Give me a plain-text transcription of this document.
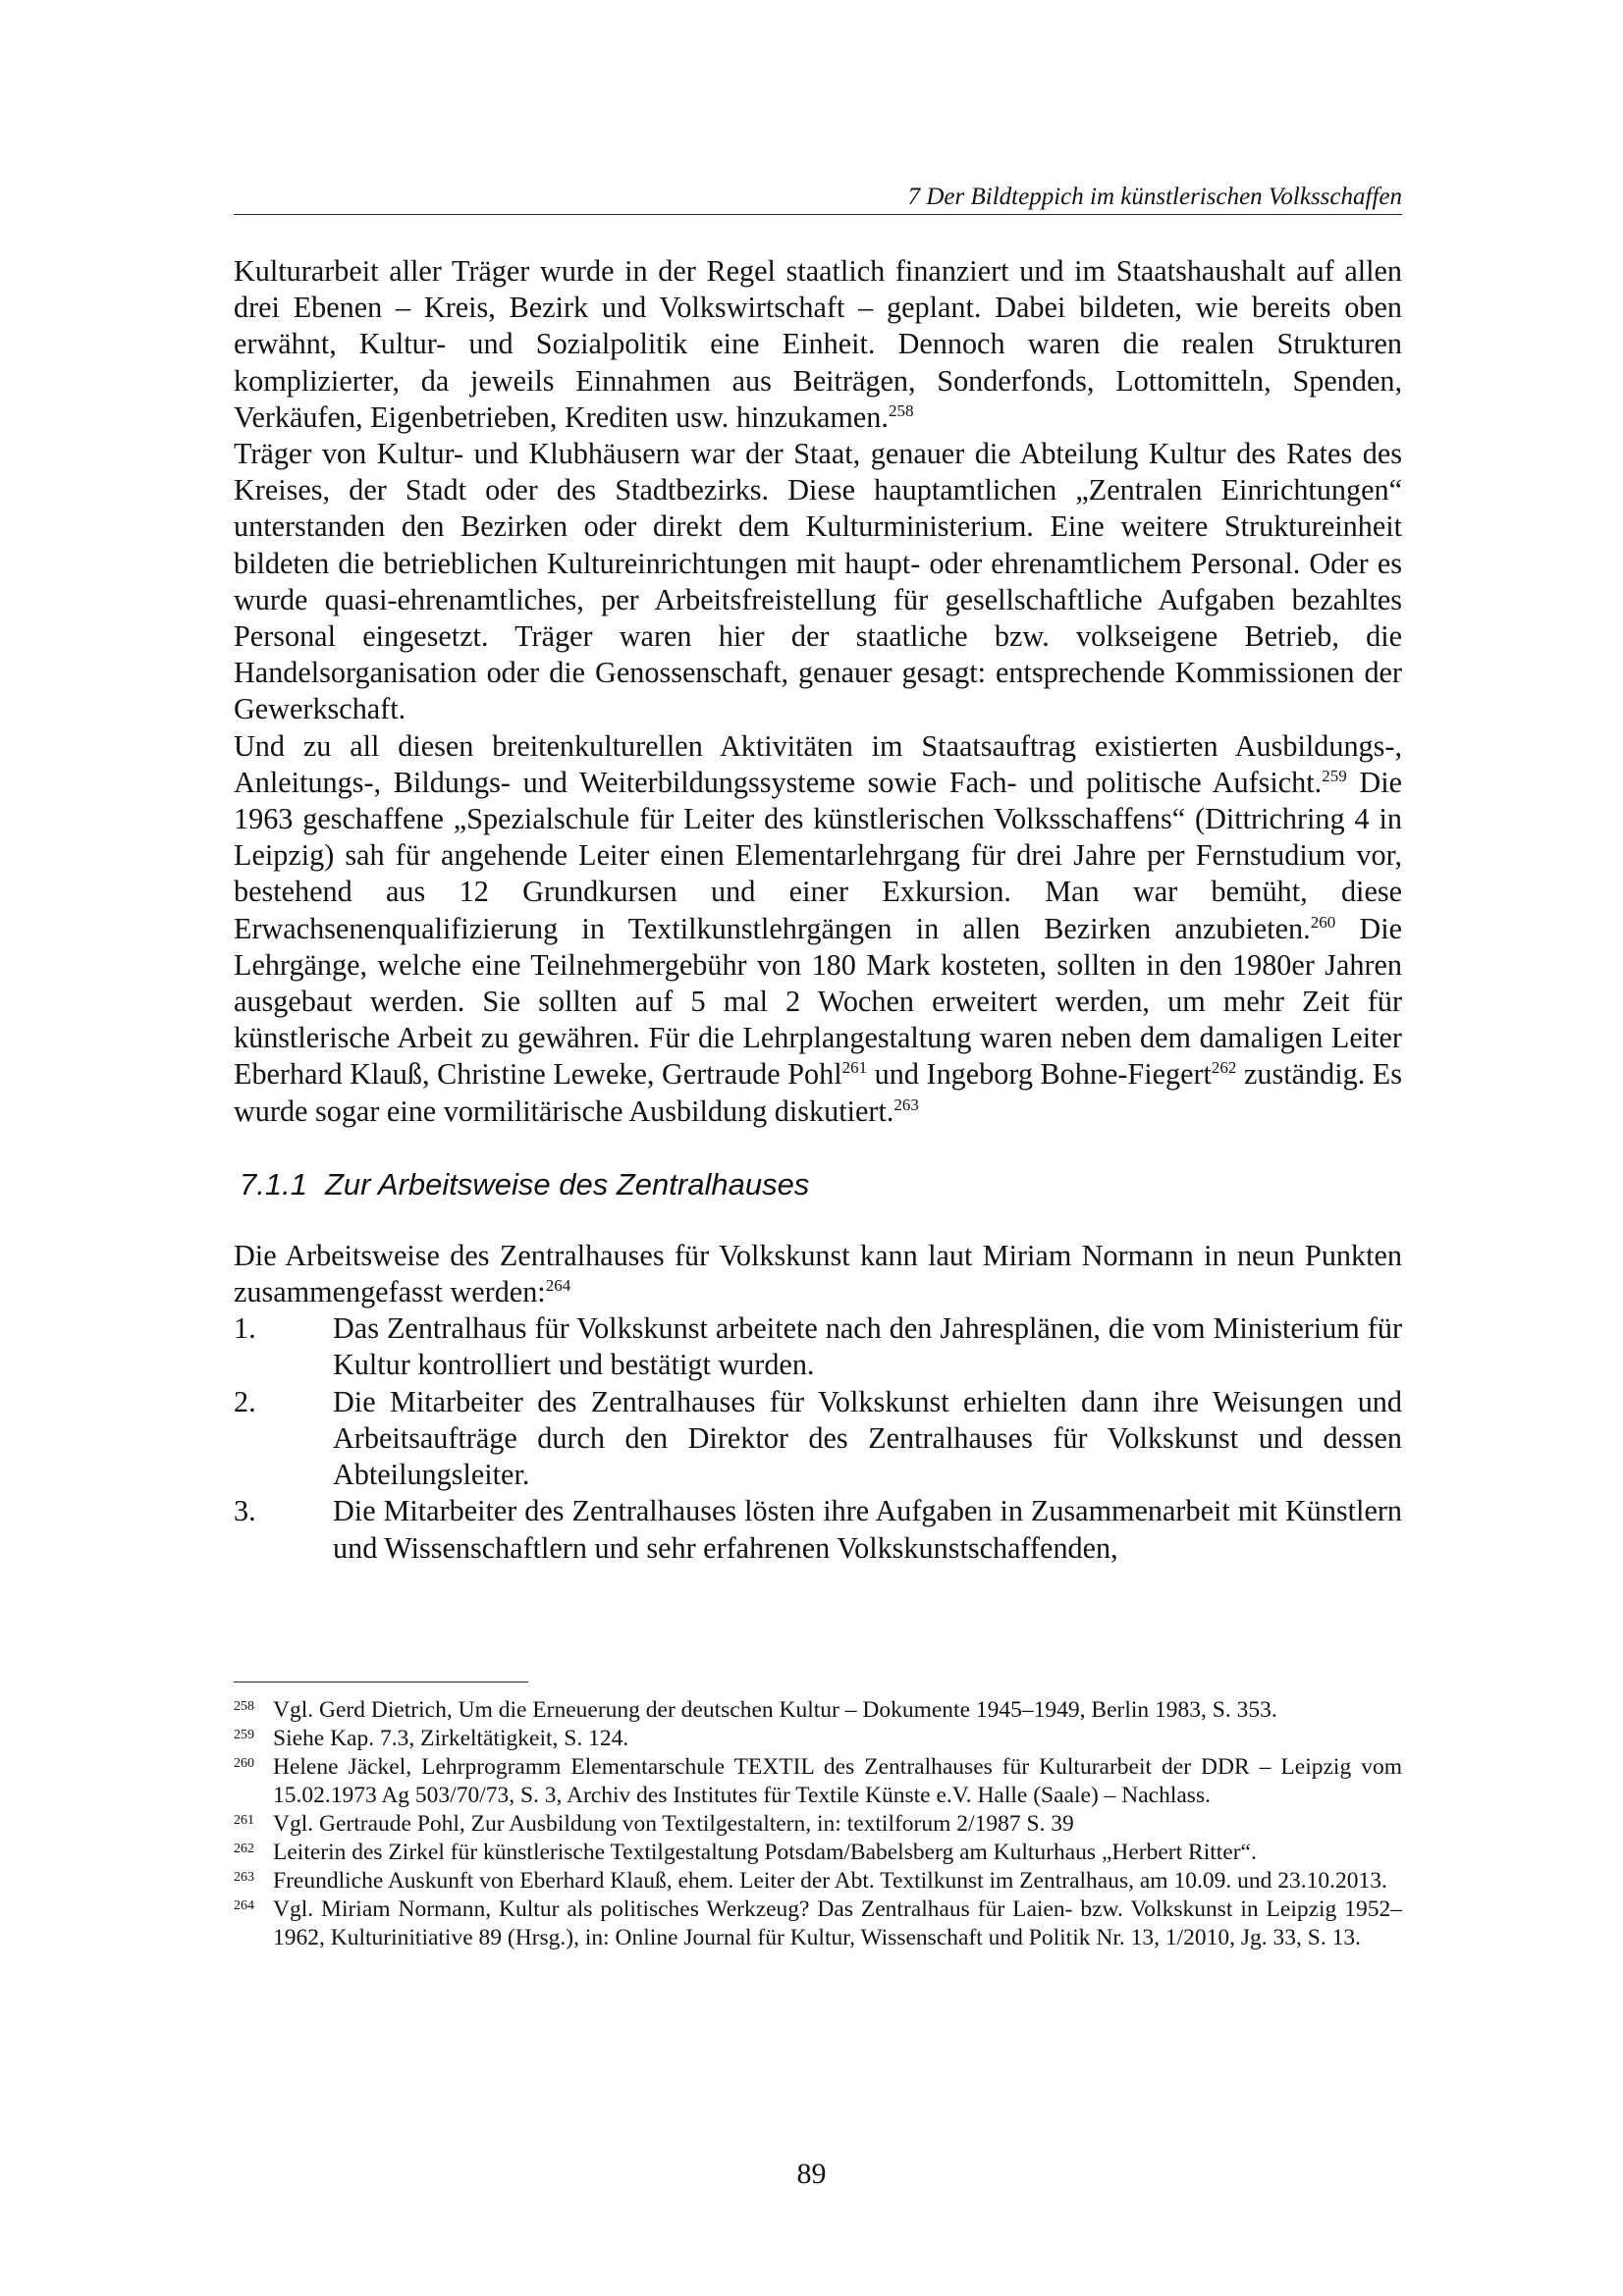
7 Der Bildteppich im künstlerischen Volksschaffen

Kulturarbeit aller Träger wurde in der Regel staatlich finanziert und im Staatshaushalt auf allen drei Ebenen – Kreis, Bezirk und Volkswirtschaft – geplant. Dabei bildeten, wie bereits oben erwähnt, Kultur- und Sozialpolitik eine Einheit. Dennoch waren die realen Strukturen komplizierter, da jeweils Einnahmen aus Beiträgen, Sonderfonds, Lottomitteln, Spenden, Verkäufen, Eigenbetrieben, Krediten usw. hinzukamen.$^{258}$

Träger von Kultur- und Klubhäusern war der Staat, genauer die Abteilung Kultur des Rates des Kreises, der Stadt oder des Stadtbezirks. Diese hauptamtlichen „Zentralen Einrichtungen“ unterstanden den Bezirken oder direkt dem Kulturministerium. Eine weitere Struktureinheit bildeten die betrieblichen Kultureinrichtungen mit haupt- oder ehrenamtlichem Personal. Oder es wurde quasi-ehrenamtliches, per Arbeitsfreistellung für gesellschaftliche Aufgaben bezahltes Personal eingesetzt. Träger waren hier der staatliche bzw. volkseigene Betrieb, die Handelsorganisation oder die Genossenschaft, genauer gesagt: entsprechende Kommissionen der Gewerkschaft.

Und zu all diesen breitenkulturellen Aktivitäten im Staatsauftrag existierten Ausbildungs-, Anleitungs-, Bildungs- und Weiterbildungssysteme sowie Fach- und politische Aufsicht.$^{259}$ Die 1963 geschaffene „Spezialschule für Leiter des künstlerischen Volksschaffens“ (Dittrichring 4 in Leipzig) sah für angehende Leiter einen Elementarlehrgang für drei Jahre per Fernstudium vor, bestehend aus 12 Grundkursen und einer Exkursion. Man war bemüht, diese Erwachsenenqualifizierung in Textilkunstlehrgängen in allen Bezirken anzubieten.$^{260}$ Die Lehrgänge, welche eine Teilnehmergebühr von 180 Mark kosteten, sollten in den 1980er Jahren ausgebaut werden. Sie sollten auf 5 mal 2 Wochen erweitert werden, um mehr Zeit für künstlerische Arbeit zu gewähren. Für die Lehrplangestaltung waren neben dem damaligen Leiter Eberhard Klauß, Christine Leweke, Gertraude Pohl$^{261}$ und Ingeborg Bohne-Fiegert$^{262}$ zuständig. Es wurde sogar eine vormilitärische Ausbildung diskutiert.$^{263}$

7.1.1 Zur Arbeitsweise des Zentralhauses

Die Arbeitsweise des Zentralhauses für Volkskunst kann laut Miriam Normann in neun Punkten zusammengefasst werden:$^{264}$

1.	Das Zentralhaus für Volkskunst arbeitete nach den Jahresplänen, die vom Ministerium für Kultur kontrolliert und bestätigt wurden.
2.	Die Mitarbeiter des Zentralhauses für Volkskunst erhielten dann ihre Weisungen und Arbeitsaufträge durch den Direktor des Zentralhauses für Volkskunst und dessen Abteilungsleiter.
3.	Die Mitarbeiter des Zentralhauses lösten ihre Aufgaben in Zusammenarbeit mit Künstlern und Wissenschaftlern und sehr erfahrenen Volkskunstschaffenden,
258 Vgl. Gerd Dietrich, Um die Erneuerung der deutschen Kultur – Dokumente 1945–1949, Berlin 1983, S. 353.
259 Siehe Kap. 7.3, Zirkeltätigkeit, S. 124.
260 Helene Jäckel, Lehrprogramm Elementarschule TEXTIL des Zentralhauses für Kulturarbeit der DDR – Leipzig vom 15.02.1973 Ag 503/70/73, S. 3, Archiv des Institutes für Textile Künste e.V. Halle (Saale) – Nachlass.
261 Vgl. Gertraude Pohl, Zur Ausbildung von Textilgestaltern, in: textilforum 2/1987 S. 39
262 Leiterin des Zirkel für künstlerische Textilgestaltung Potsdam/Babelsberg am Kulturhaus „Herbert Ritter“.
263 Freundliche Auskunft von Eberhard Klauß, ehem. Leiter der Abt. Textilkunst im Zentralhaus, am 10.09. und 23.10.2013.
264 Vgl. Miriam Normann, Kultur als politisches Werkzeug? Das Zentralhaus für Laien- bzw. Volkskunst in Leipzig 1952–1962, Kulturinitiative 89 (Hrsg.), in: Online Journal für Kultur, Wissenschaft und Politik Nr. 13, 1/2010, Jg. 33, S. 13.
89
